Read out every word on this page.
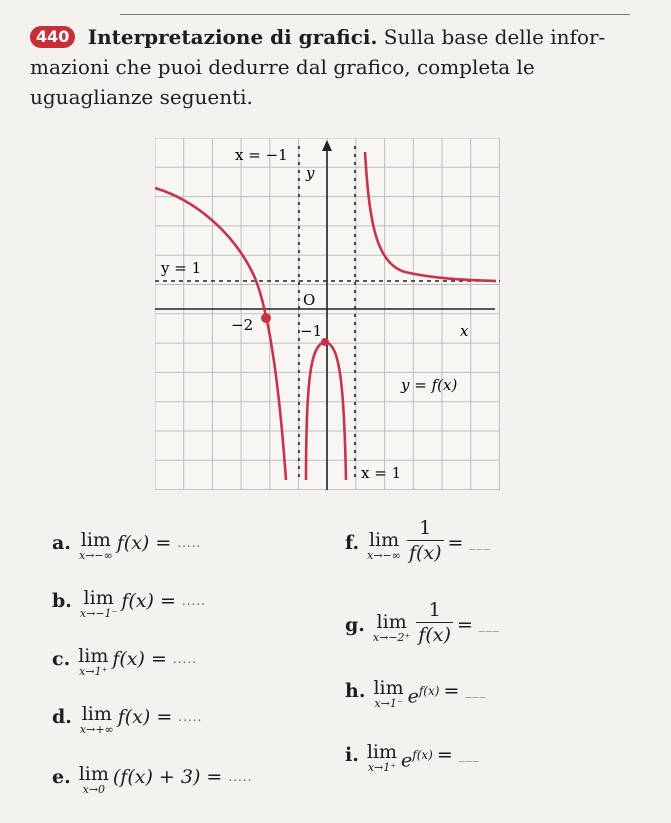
440 Interpretazione di grafici. Sulla base delle infor- mazioni che puoi dedurre dal grafico, completa le uguaglianze seguenti.
x = −1
y
y = 1
O
−2	−1	x
y = f(x)
x = 1
a. lim
x→−∞
f(x) = .....
b. lim
x→−1⁻
f(x) = .....
c. lim
x→1⁺
f(x) = .....
d. lim
x→+∞
f(x) = .....
e. lim
x→0
(f(x) + 3) = .....
f. lim
$x\to-\infty \frac{1}{f(x)}$ = ___
g. lim
$x\to-2^+ \frac{1}{f(x)}$ = ___
h. lim
x→1⁻ $e^{f(x)}$ = ___
i. lim
x→1⁺ $e^{f(x)}$ = ___
